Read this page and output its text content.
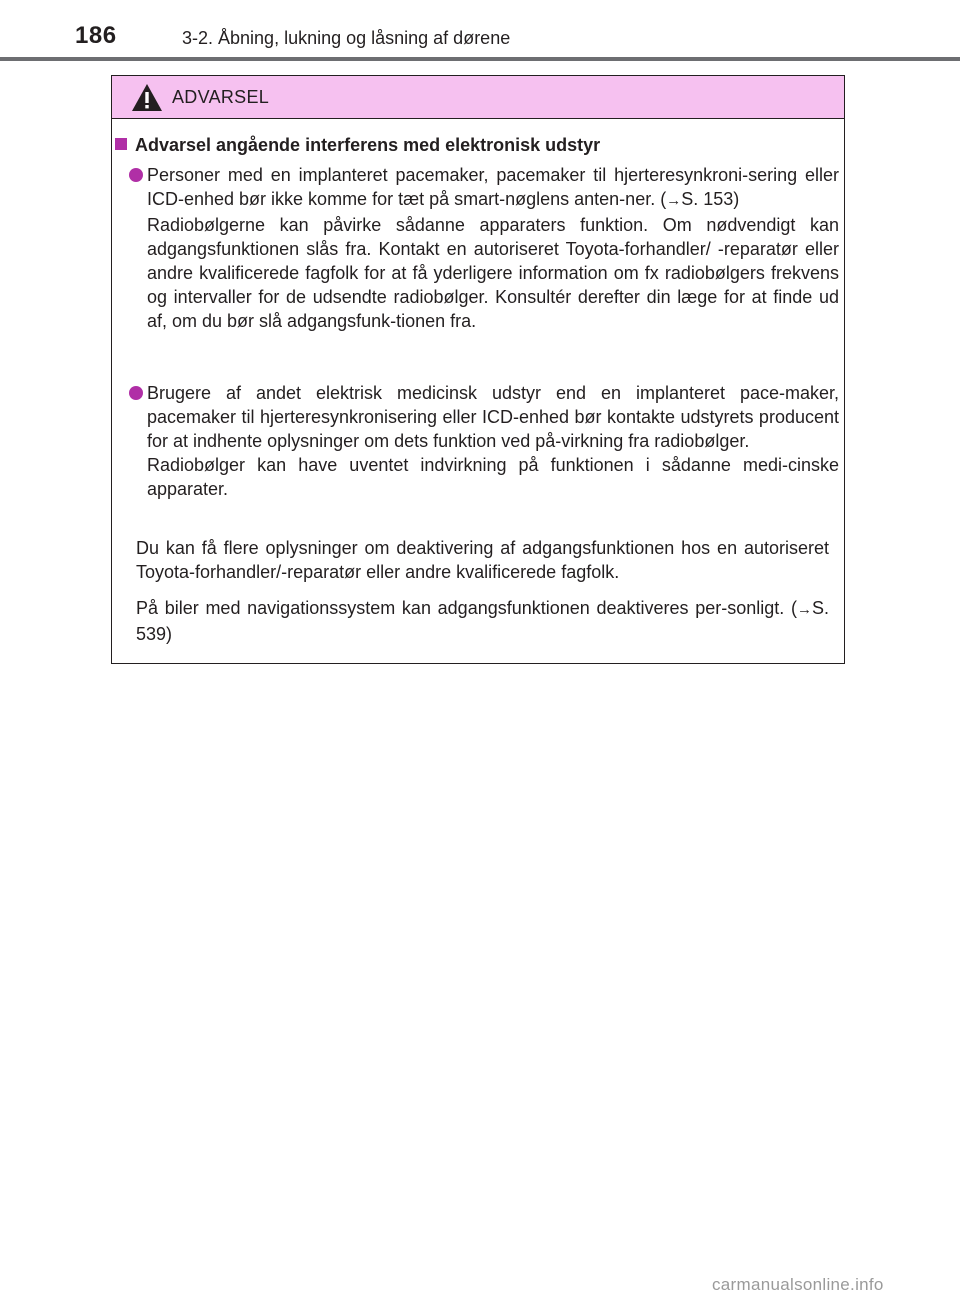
186	3-2. Åbning, lukning og låsning af dørene
ADVARSEL
Advarsel angående interferens med elektronisk udstyr

Personer med en implanteret pacemaker, pacemaker til hjerteresynkroni-sering eller ICD-enhed bør ikke komme for tæt på smart-nøglens anten-ner. (→S. 153)

Radiobølgerne kan påvirke sådanne apparaters funktion. Om nødvendigt kan adgangsfunktionen slås fra. Kontakt en autoriseret Toyota-forhandler/ -reparatør eller andre kvalificerede fagfolk for at få yderligere information om fx radiobølgers frekvens og intervaller for de udsendte radiobølger. Konsultér derefter din læge for at finde ud af, om du bør slå adgangsfunk-tionen fra.

Brugere af andet elektrisk medicinsk udstyr end en implanteret pace-maker, pacemaker til hjerteresynkronisering eller ICD-enhed bør kontakte udstyrets producent for at indhente oplysninger om dets funktion ved på-virkning fra radiobølger.

Radiobølger kan have uventet indvirkning på funktionen i sådanne medi-cinske apparater.

Du kan få flere oplysninger om deaktivering af adgangsfunktionen hos en autoriseret Toyota-forhandler/-reparatør eller andre kvalificerede fagfolk.

På biler med navigationssystem kan adgangsfunktionen deaktiveres per-sonligt. (→S. 539)

carmanualsonline.info
